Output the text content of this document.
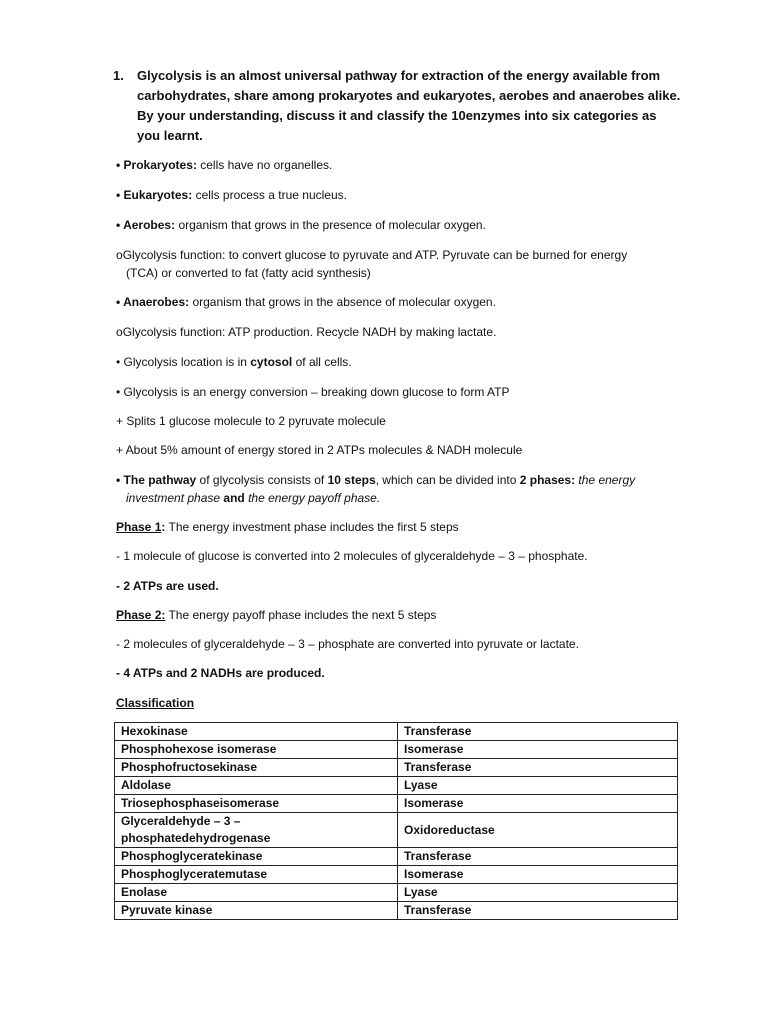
1.	Glycolysis is an almost universal pathway for extraction of the energy available from carbohydrates, share among prokaryotes and eukaryotes, aerobes and anaerobes alike. By your understanding, discuss it and classify the 10enzymes into six categories as you learnt.
• Prokaryotes: cells have no organelles.
• Eukaryotes: cells process a true nucleus.
• Aerobes: organism that grows in the presence of molecular oxygen.
oGlycolysis function: to convert glucose to pyruvate and ATP. Pyruvate can be burned for energy
(TCA) or converted to fat (fatty acid synthesis)
• Anaerobes: organism that grows in the absence of molecular oxygen.
oGlycolysis function: ATP production. Recycle NADH by making lactate.
• Glycolysis location is in cytosol of all cells.
• Glycolysis is an energy conversion – breaking down glucose to form ATP
+ Splits 1 glucose molecule to 2 pyruvate molecule
+ About 5% amount of energy stored in 2 ATPs molecules & NADH molecule
• The pathway of glycolysis consists of 10 steps, which can be divided into 2 phases: the energy
investment phase and the energy payoff phase.
Phase 1: The energy investment phase includes the first 5 steps
- 1 molecule of glucose is converted into 2 molecules of glyceraldehyde – 3 – phosphate.
- 2 ATPs are used.
Phase 2: The energy payoff phase includes the next 5 steps
- 2 molecules of glyceraldehyde – 3 – phosphate are converted into pyruvate or lactate.
- 4 ATPs and 2 NADHs are produced.
Classification
Hexokinase	Transferase
Phosphohexose isomerase	Isomerase
Phosphofructosekinase	Transferase
Aldolase	Lyase
Triosephosphaseisomerase	Isomerase
Glyceraldehyde – 3 – phosphatedehydrogenase	Oxidoreductase
Phosphoglyceratekinase	Transferase
Phosphoglyceratemutase	Isomerase
Enolase	Lyase
Pyruvate kinase	Transferase
